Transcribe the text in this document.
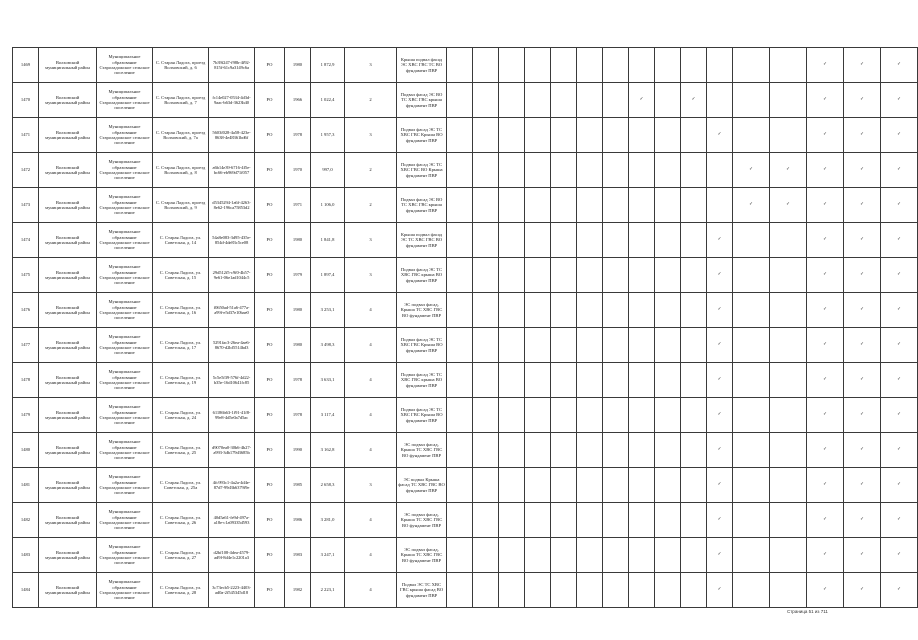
1469	Волховский муниципальный район	Муниципальное образование Староладожское сельское поселение	С. Старая Ладога, проезд Волховский, д. 6	7b39f247-f98b-4f92-815f-61c9a3149c6a	РО	1980	1 872,9	3	Крыша подвал фасад ЭС ХВС ГВС ТС ВО фундамент ПВР														✓	✓	✓
1470	Волховский муниципальный район	Муниципальное образование Староладожское сельское поселение	С. Старая Ладога, проезд Волховский, д. 7	fc14e027-0534-4d3d-9aac-b63d-3623b40	РО	1966	1 022,4	2	Подвал фасад ЭС ВО ТС ХВС ГВС крыша фундамент ПВР								✓		✓				✓	✓	✓
1471	Волховский муниципальный район	Муниципальное образование Староладожское сельское поселение	С. Старая Ладога, проезд Волховский, д. 7а	5603f028-4a58-423e-8638-4e48361bd6f	РО	1978	1 957,3	3	Подвал фасад ЭС ТС ХВС ГВС Крыша ВО фундамент ПВР											✓			✓	✓	✓
1472	Волховский муниципальный район	Муниципальное образование Староладожское сельское поселение	С. Старая Ладога, проезд Волховский, д. 8	a6b14e39-6716-4f5e-bc66-eb969d71f057	РО	1970	997,0	2	Подвал фасад ЭС ТС ХВС ГВС ВО Крыша фундамент ПВР												✓	✓	✓	✓	✓
1473	Волховский муниципальный район	Муниципальное образование Староладожское сельское поселение	С. Старая Ладога, проезд Волховский, д. 9	d5345294-1a6f-4263-8e62-196ca75853d2	РО	1971	1 106,0	2	Подвал фасад ЭС ВО ТС ХВС ГВС крыша фундамент ПВР												✓	✓	✓	✓	✓
1474	Волховский муниципальный район	Муниципальное образование Староладожское сельское поселение	С. Старая Ладога, ул. Советская, д. 14	54a8e083-3d95-435e-854d-4de83c5ce08	РО	1980	1 841,8	3	Крыша подвал фасад ЭС ТС ХВС ГВС ВО фундамент ПВР											✓			✓	✓	✓
1475	Волховский муниципальный район	Муниципальное образование Староладожское сельское поселение	С. Старая Ладога, ул. Советская, д. 15	29d512f5-c9f0-4b57-9e61-06e1ad1044c5	РО	1979	1 897,4	3	Подвал фасад ЭС ТС ХВС ГВС крыша ВО фундамент ПВР											✓			✓	✓	✓
1476	Волховский муниципальный район	Муниципальное образование Староладожское сельское поселение	С. Старая Ладога, ул. Советская, д. 16	f0650ad-51a6-477a-a99f-e5d37e10bae0	РО	1980	3 253,1	4	ЭС подвал фасад, Крыша ТС ХВС ГВС ВО фундамент ПВР											✓			✓	✓	✓
1477	Волховский муниципальный район	Муниципальное образование Староладожское сельское поселение	С. Старая Ладога, ул. Советская, д. 17	5291fac3-26ea-4ae6-8670-d2bf5514bd3	РО	1980	3 498,3	4	Подвал фасад ЭС ТС ХВС ГВС Крыша ВО фундамент ПВР											✓			✓	✓	✓
1478	Волховский муниципальный район	Муниципальное образование Староладожское сельское поселение	С. Старая Ладога, ул. Советская, д. 19	5c5e5f39-576f-4d22-b35e-16d10641fc85	РО	1978	3 633,1	4	Подвал фасад ЭС ТС ХВС ГВС крыша ВО фундамент ПВР											✓			✓	✓	✓
1479	Волховский муниципальный район	Муниципальное образование Староладожское сельское поселение	С. Старая Ладога, ул. Советская, д. 24	61186b63-1f91-41f8-99e8-4d5e0a7d5ac	РО	1978	3 117,4	4	Подвал фасад ЭС ТС ХВС ГВС Крыша ВО фундамент ПВР											✓			✓	✓	✓
1480	Волховский муниципальный район	Муниципальное образование Староладожское сельское поселение	С. Старая Ладога, ул. Советская, д. 25	d9070ea0-30b6-4b27-a993-3db179d3685b	РО	1990	3 162,8	4	ЭС подвал фасад, Крыша ТС ХВС ГВС ВО фундамент ПВР											✓			✓	✓	✓
1481	Волховский муниципальный район	Муниципальное образование Староладожское сельское поселение	С. Старая Ладога, ул. Советская, д. 25а	4fc993c1-4a2a-4d4e-87d7-99d3b6379f9e	РО	1985	2 658,3	3	ЭС подвал Крыша фасад ТС ХВС ГВС ВО фундамент ПВР											✓			✓	✓	✓
1482	Волховский муниципальный район	Муниципальное образование Староладожское сельское поселение	С. Старая Ладога, ул. Советская, д. 26	40d5a61-fe9d-497a-a18e-c1a09335d593	РО	1986	3 281,0	4	ЭС подвал фасад, Крыша ТС ХВС ГВС ВО фундамент ПВР											✓			✓	✓	✓
1483	Волховский муниципальный район	Муниципальное образование Староладожское сельское поселение	С. Старая Ладога, ул. Советская, д. 27	d2bf108-4dea-4579-ad9f-8d4e1c2201a3	РО	1983	3 247,1	4	ЭС подвал фасад, Крыша ТС ХВС ГВС ВО фундамент ПВР											✓			✓	✓	✓
1484	Волховский муниципальный район	Муниципальное образование Староладожское сельское поселение	С. Старая Ладога, ул. Советская, д. 28	3c73ecb5-2223-4403-ad0a-2f545345d18	РО	1982	2 223,1	4	Подвал ЭС ТС ХВС ГВС крыша фасад ВО фундамент ПВР											✓			✓	✓	✓
Страница 51 из 711
